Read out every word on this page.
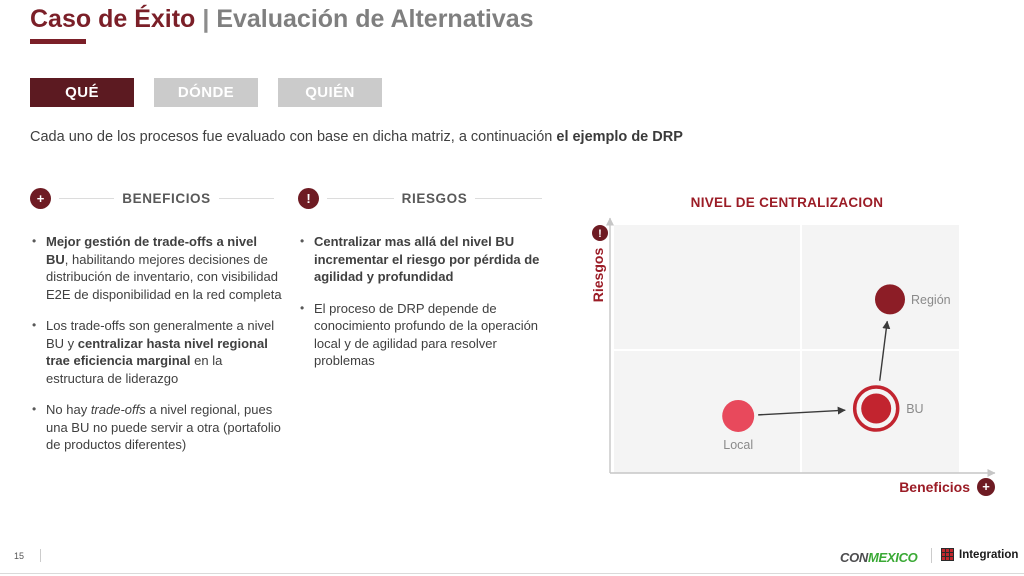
Caso de Éxito | Evaluación de Alternativas
QUÉ	DÓNDE	QUIÉN
Cada uno de los procesos fue evaluado con base en dicha matriz, a continuación el ejemplo de DRP
+	BENEFICIOS
• Mejor gestión de trade-offs a nivel BU, habilitando mejores decisiones de distribución de inventario, con visibilidad E2E de disponibilidad en la red completa
• Los trade-offs son generalmente a nivel BU y centralizar hasta nivel regional trae eficiencia marginal en la estructura de liderazgo
• No hay trade-offs a nivel regional, pues una BU no puede servir a otra (portafolio de productos diferentes)
!	RIESGOS
• Centralizar mas allá del nivel BU incrementar el riesgo por pérdida de agilidad y profundidad
• El proceso de DRP depende de conocimiento profundo de la operación local y de agilidad para resolver problemas
NIVEL DE CENTRALIZACION
!
Riesgos
Local
BU
Región
Beneficios +
15	CONMEXICO	Integration
